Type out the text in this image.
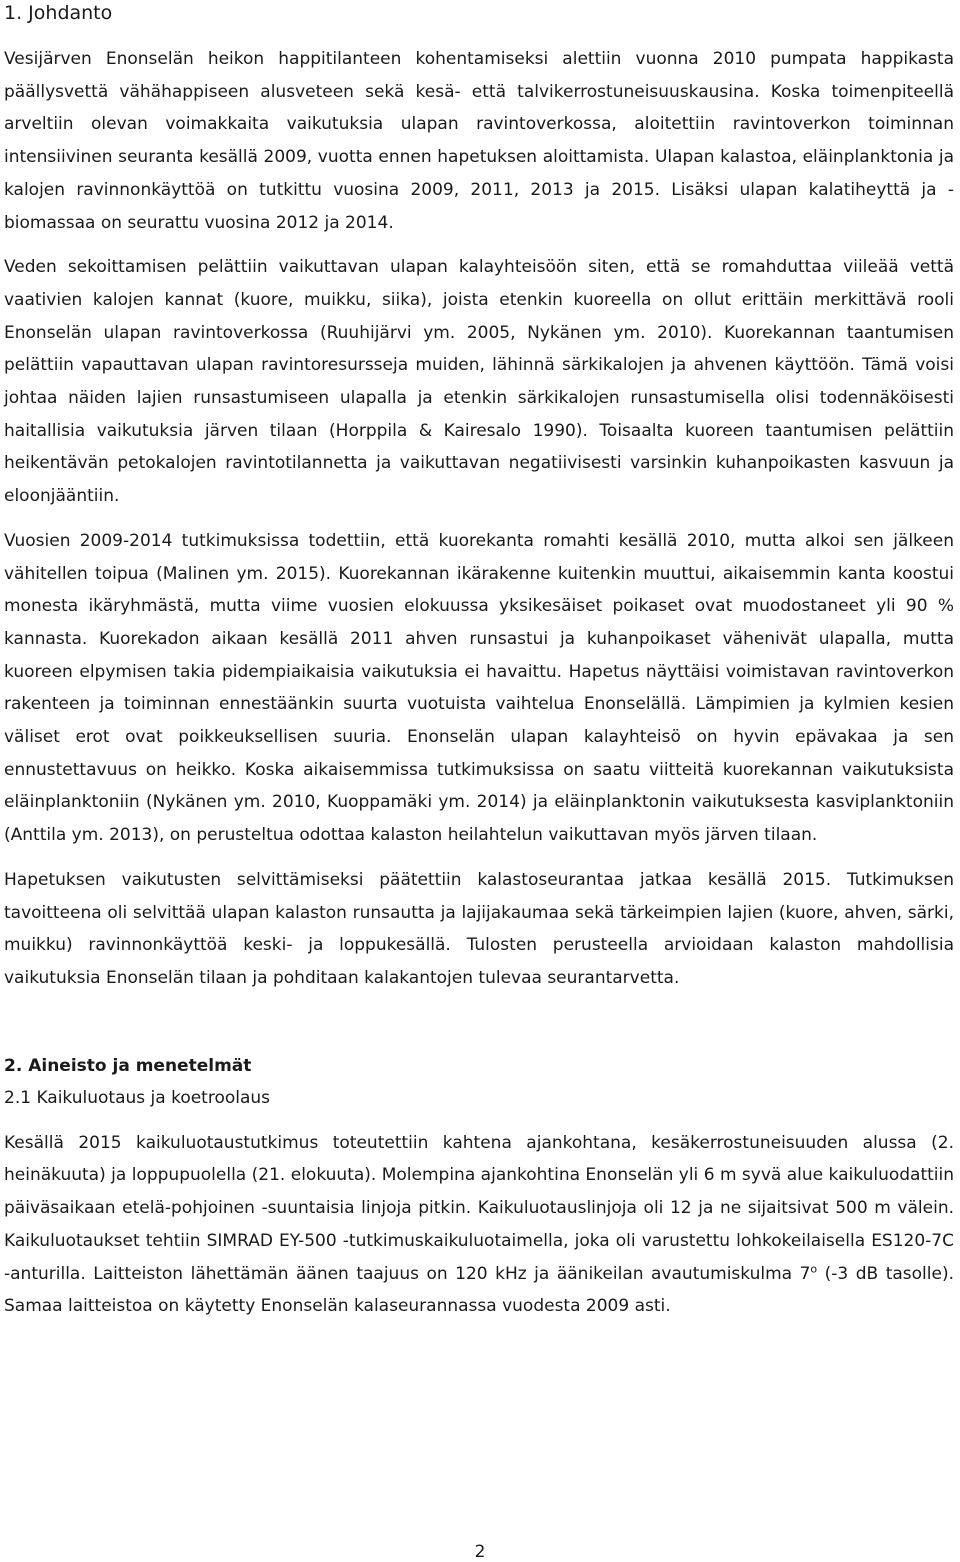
1. Johdanto

Vesijärven Enonselän heikon happitilanteen kohentamiseksi alettiin vuonna 2010 pumpata happikasta päällysvettä vähähappiseen alusveteen sekä kesä- että talvikerrostuneisuuskausina. Koska toimenpiteellä arveltiin olevan voimakkaita vaikutuksia ulapan ravintoverkossa, aloitettiin ravintoverkon toiminnan intensiivinen seuranta kesällä 2009, vuotta ennen hapetuksen aloittamista. Ulapan kalastoa, eläinplanktonia ja kalojen ravinnonkäyttöä on tutkittu vuosina 2009, 2011, 2013 ja 2015. Lisäksi ulapan kalatiheyttä ja -biomassaa on seurattu vuosina 2012 ja 2014.

Veden sekoittamisen pelättiin vaikuttavan ulapan kalayhteisöön siten, että se romahduttaa viileää vettä vaativien kalojen kannat (kuore, muikku, siika), joista etenkin kuoreella on ollut erittäin merkittävä rooli Enonselän ulapan ravintoverkossa (Ruuhijärvi ym. 2005, Nykänen ym. 2010). Kuorekannan taantumisen pelättiin vapauttavan ulapan ravintoresursseja muiden, lähinnä särkikalojen ja ahvenen käyttöön. Tämä voisi johtaa näiden lajien runsastumiseen ulapalla ja etenkin särkikalojen runsastumisella olisi todennäköisesti haitallisia vaikutuksia järven tilaan (Horppila & Kairesalo 1990). Toisaalta kuoreen taantumisen pelättiin heikentävän petokalojen ravintotilannetta ja vaikuttavan negatiivisesti varsinkin kuhanpoikasten kasvuun ja eloonjääntiin.

Vuosien 2009-2014 tutkimuksissa todettiin, että kuorekanta romahti kesällä 2010, mutta alkoi sen jälkeen vähitellen toipua (Malinen ym. 2015). Kuorekannan ikärakenne kuitenkin muuttui, aikaisemmin kanta koostui monesta ikäryhmästä, mutta viime vuosien elokuussa yksikesäiset poikaset ovat muodostaneet yli 90 % kannasta. Kuorekadon aikaan kesällä 2011 ahven runsastui ja kuhanpoikaset vähenivät ulapalla, mutta kuoreen elpymisen takia pidempiaikaisia vaikutuksia ei havaittu. Hapetus näyttäisi voimistavan ravintoverkon rakenteen ja toiminnan ennestäänkin suurta vuotuista vaihtelua Enonselällä. Lämpimien ja kylmien kesien väliset erot ovat poikkeuksellisen suuria. Enonselän ulapan kalayhteisö on hyvin epävakaa ja sen ennustettavuus on heikko. Koska aikaisemmissa tutkimuksissa on saatu viitteitä kuorekannan vaikutuksista eläinplanktoniin (Nykänen ym. 2010, Kuoppamäki ym. 2014) ja eläinplanktonin vaikutuksesta kasviplanktoniin (Anttila ym. 2013), on perusteltua odottaa kalaston heilahtelun vaikuttavan myös järven tilaan.

Hapetuksen vaikutusten selvittämiseksi päätettiin kalastoseurantaa jatkaa kesällä 2015. Tutkimuksen tavoitteena oli selvittää ulapan kalaston runsautta ja lajijakaumaa sekä tärkeimpien lajien (kuore, ahven, särki, muikku) ravinnonkäyttöä keski- ja loppukesällä. Tulosten perusteella arvioidaan kalaston mahdollisia vaikutuksia Enonselän tilaan ja pohditaan kalakantojen tulevaa seurantarvetta.

2. Aineisto ja menetelmät
2.1 Kaikuluotaus ja koetroolaus

Kesällä 2015 kaikuluotaustutkimus toteutettiin kahtena ajankohtana, kesäkerrostuneisuuden alussa (2. heinäkuuta) ja loppupuolella (21. elokuuta). Molempina ajankohtina Enonselän yli 6 m syvä alue kaikuluodattiin päiväsaikaan etelä-pohjoinen -suuntaisia linjoja pitkin. Kaikuluotauslinjoja oli 12 ja ne sijaitsivat 500 m välein. Kaikuluotaukset tehtiin SIMRAD EY-500 -tutkimuskaikuluotaimella, joka oli varustettu lohkokeilaisella ES120-7C -anturilla. Laitteiston lähettämän äänen taajuus on 120 kHz ja äänikeilan avautumiskulma 7$^o$ (-3 dB tasolle). Samaa laitteistoa on käytetty Enonselän kalaseurannassa vuodesta 2009 asti.

2
